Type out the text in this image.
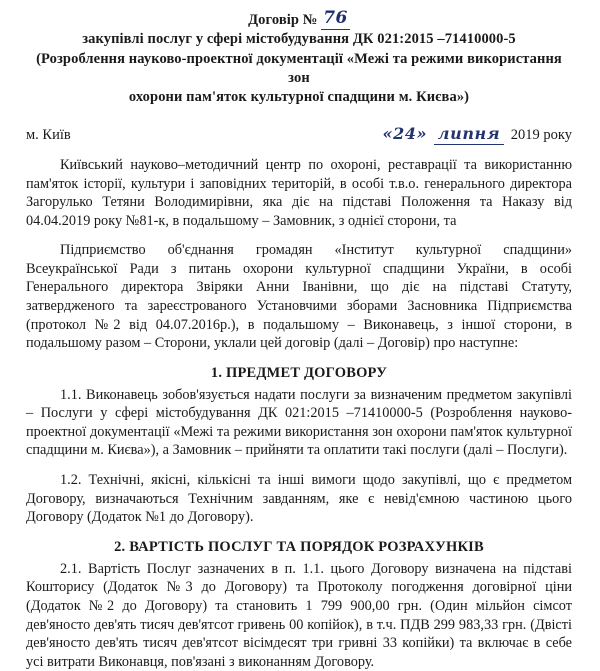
Договір № 76
закупівлі послуг у сфері містобудування ДК 021:2015 –71410000-5
(Розроблення науково-проектної документації «Межі та режими використання зон
охорони пам'яток культурної спадщини м. Києва»)
м. Київ	«24» липня 2019 року

Київський науково–методичний центр по охороні, реставрації та використанню пам'яток історії, культури і заповідних територій, в особі т.в.о. генерального директора Загорулько Тетяни Володимирівни, яка діє на підставі Положення та Наказу від 04.04.2019 року №81-к, в подальшому – Замовник, з однієї сторони, та

Підприємство об'єднання громадян «Інститут культурної спадщини» Всеукраїнської Ради з питань охорони культурної спадщини України, в особі Генерального директора Звіряки Анни Іванівни, що діє на підставі Статуту, затвердженого та зареєстрованого Установчими зборами Засновника Підприємства (протокол №2 від 04.07.2016р.), в подальшому – Виконавець, з іншої сторони, в подальшому разом – Сторони, уклали цей договір (далі – Договір) про наступне:

1. ПРЕДМЕТ ДОГОВОРУ

1.1. Виконавець зобов'язується надати послуги за визначеним предметом закупівлі – Послуги у сфері містобудування ДК 021:2015 –71410000-5 (Розроблення науково-проектної документації «Межі та режими використання зон охорони пам'яток культурної спадщини м. Києва»), а Замовник – прийняти та оплатити такі послуги (далі – Послуги).

1.2. Технічні, якісні, кількісні та інші вимоги щодо закупівлі, що є предметом Договору, визначаються Технічним завданням, яке є невід'ємною частиною цього Договору (Додаток №1 до Договору).

2. ВАРТІСТЬ ПОСЛУГ ТА ПОРЯДОК РОЗРАХУНКІВ

2.1. Вартість Послуг зазначених в п. 1.1. цього Договору визначена на підставі Кошторису (Додаток №3 до Договору) та Протоколу погодження договірної ціни (Додаток №2 до Договору) та становить 1 799 900,00 грн. (Один мільйон сімсот дев'яносто дев'ять тисяч дев'ятсот гривень 00 копійок), в т.ч. ПДВ 299 983,33 грн. (Двісті дев'яносто дев'ять тисяч дев'ятсот вісімдесят три гривні 33 копійки) та включає в себе усі витрати Виконавця, пов'язані з виконанням Договору.
